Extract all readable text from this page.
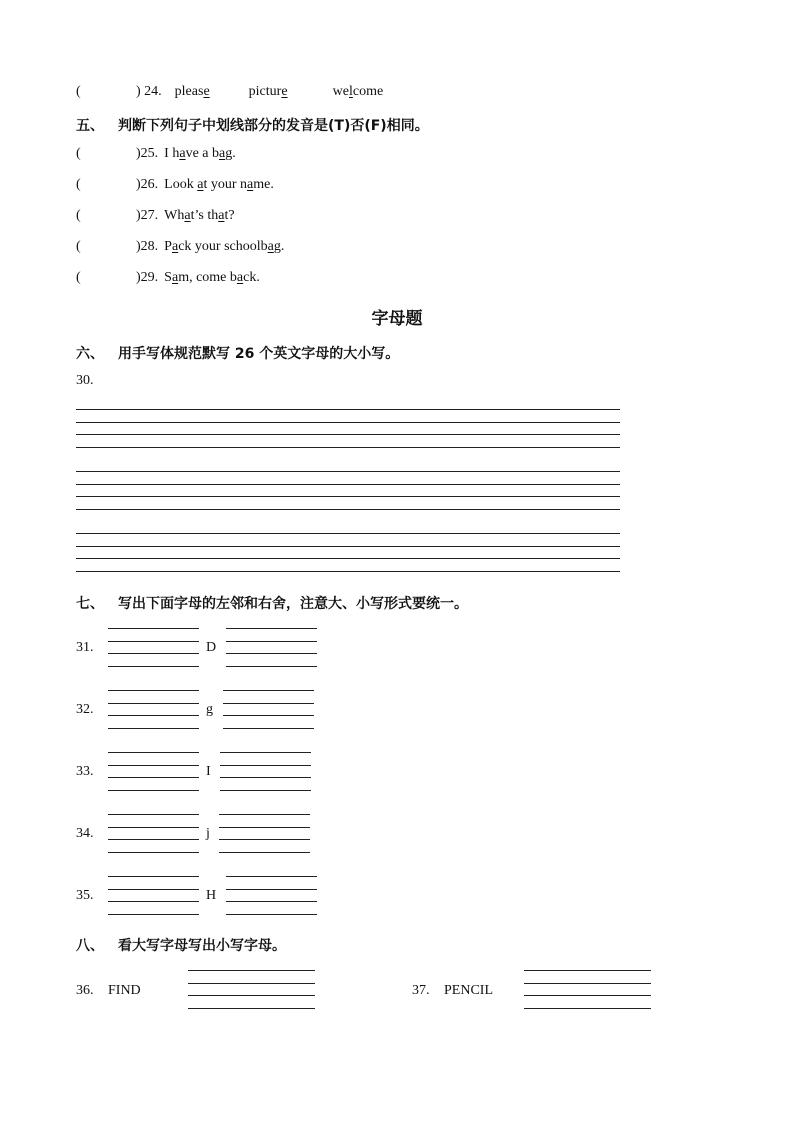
(	) 24. please	picture	welcome
五、 判断下列句子中划线部分的发音是(T)否(F)相同。
字母题
六、 用手写体规范默写 26 个英文字母的大小写。
30.
七、 写出下面字母的左邻和右舍，注意大、小写形式要统一。
八、 看大写字母写出小写字母。
(	)25. I have a bag.
(	)26. Look at your name.
(	)27. What’s that?
(	)28. Pack your schoolbag.
(	)29. Sam, come back.
31.	D
32.	g
33.	I
34.	j
35.	H
36. FIND	37. PENCIL
